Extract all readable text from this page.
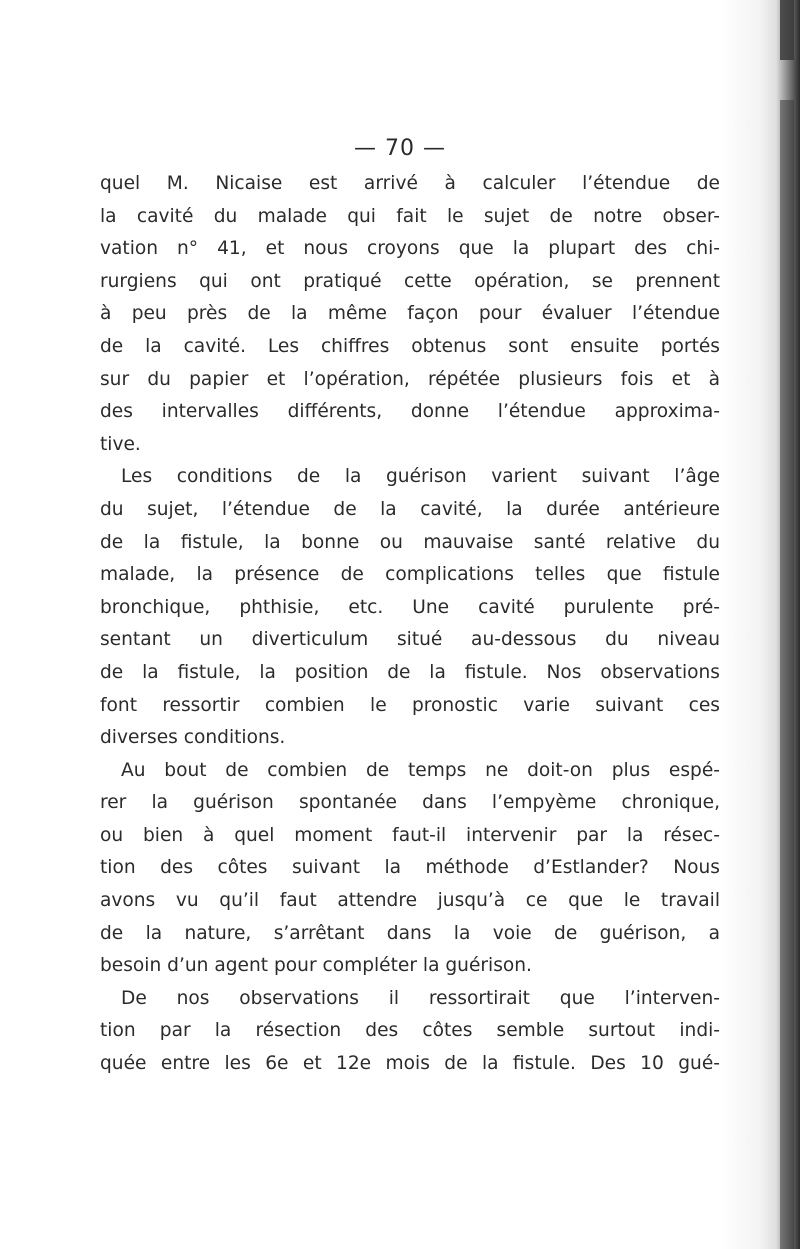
— 70 —
quel M. Nicaise est arrivé à calculer l’étendue de
la cavité du malade qui fait le sujet de notre obser-
vation n° 41, et nous croyons que la plupart des chi-
rurgiens qui ont pratiqué cette opération, se prennent
à peu près de la même façon pour évaluer l’étendue
de la cavité. Les chiffres obtenus sont ensuite portés
sur du papier et l’opération, répétée plusieurs fois et à
des intervalles différents, donne l’étendue approxima-
tive.
Les conditions de la guérison varient suivant l’âge
du sujet, l’étendue de la cavité, la durée antérieure
de la fistule, la bonne ou mauvaise santé relative du
malade, la présence de complications telles que fistule
bronchique, phthisie, etc. Une cavité purulente pré-
sentant un diverticulum situé au-dessous du niveau
de la fistule, la position de la fistule. Nos observations
font ressortir combien le pronostic varie suivant ces
diverses conditions.
Au bout de combien de temps ne doit-on plus espé-
rer la guérison spontanée dans l’empyème chronique,
ou bien à quel moment faut-il intervenir par la résec-
tion des côtes suivant la méthode d’Estlander? Nous
avons vu qu’il faut attendre jusqu’à ce que le travail
de la nature, s’arrêtant dans la voie de guérison, a
besoin d’un agent pour compléter la guérison.
De nos observations il ressortirait que l’interven-
tion par la résection des côtes semble surtout indi-
quée entre les 6e et 12e mois de la fistule. Des 10 gué-
